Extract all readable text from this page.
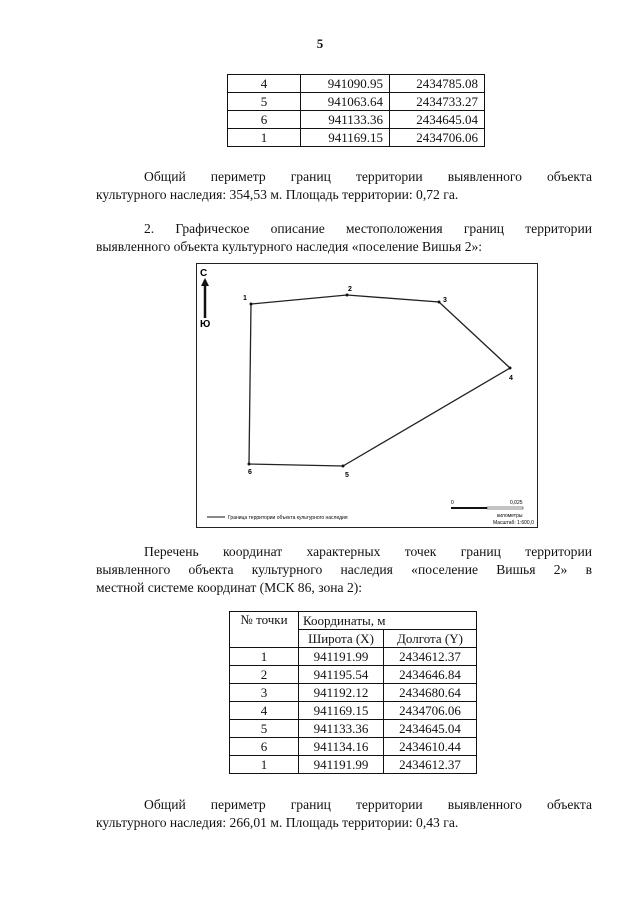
5
4	941090.95	2434785.08
5	941063.64	2434733.27
6	941133.36	2434645.04
1	941169.15	2434706.06
Общий периметр границ территории выявленного объекта
культурного наследия: 354,53 м. Площадь территории: 0,72 га.
2. Графическое описание местоположения границ территории
выявленного объекта культурного наследия «поселение Вишья 2»:
С
Ю
1
2
3
4
5
6
Граница территории объекта культурного наследия
0	0,025
километры
Масштаб: 1:600,0
Перечень координат характерных точек границ территории
выявленного объекта культурного наследия «поселение Вишья 2» в
местной системе координат (МСК 86, зона 2):
№ точки	Координаты, м	
	Широта (X)	Долгота (Y)
1	941191.99	2434612.37
2	941195.54	2434646.84
3	941192.12	2434680.64
4	941169.15	2434706.06
5	941133.36	2434645.04
6	941134.16	2434610.44
1	941191.99	2434612.37
Общий периметр границ территории выявленного объекта
культурного наследия: 266,01 м. Площадь территории: 0,43 га.
